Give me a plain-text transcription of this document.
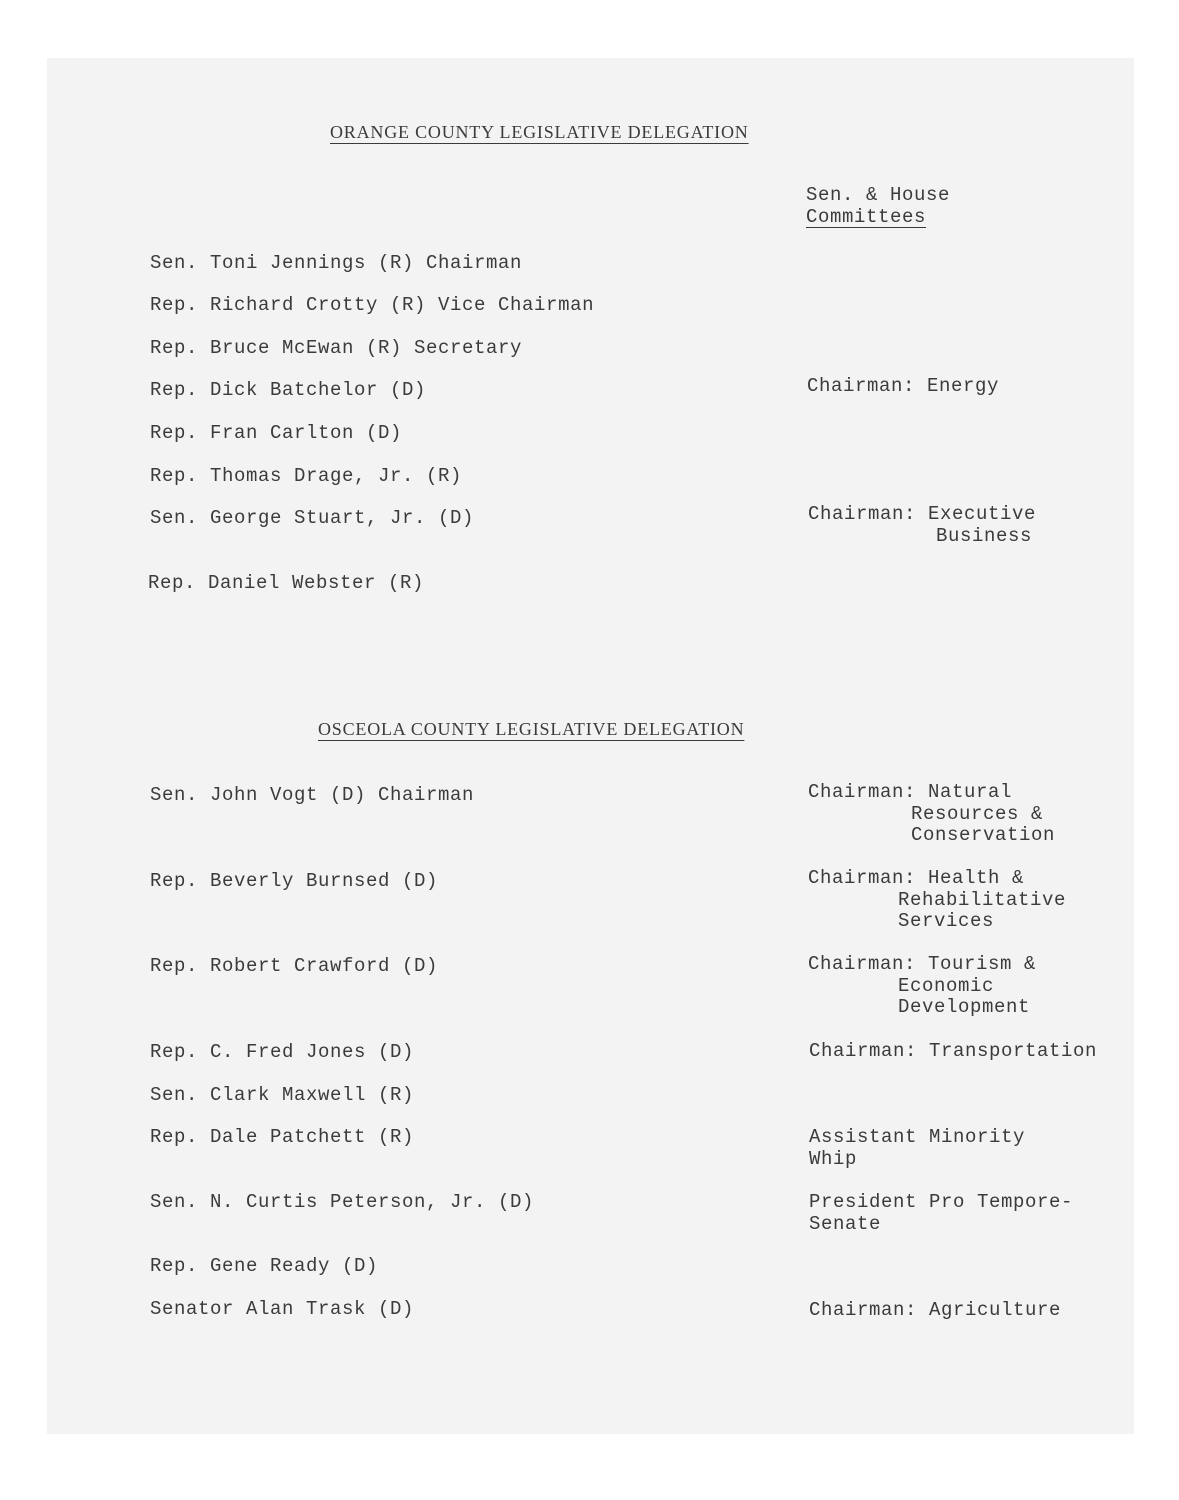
ORANGE COUNTY LEGISLATIVE DELEGATION
Sen. & House
Committees
Sen. Toni Jennings (R) Chairman
Rep. Richard Crotty (R) Vice Chairman
Rep. Bruce McEwan (R) Secretary
Rep. Dick Batchelor (D)	Chairman: Energy
Rep. Fran Carlton (D)
Rep. Thomas Drage, Jr. (R)
Sen. George Stuart, Jr. (D)	Chairman: Executive
Business
Rep. Daniel Webster (R)
OSCEOLA COUNTY LEGISLATIVE DELEGATION
Sen. John Vogt (D) Chairman	Chairman: Natural
Resources &
Conservation
Rep. Beverly Burnsed (D)	Chairman: Health &
Rehabilitative
Services
Rep. Robert Crawford (D)	Chairman: Tourism &
Economic
Development
Rep. C. Fred Jones (D)	Chairman: Transportation
Sen. Clark Maxwell (R)
Rep. Dale Patchett (R)	Assistant Minority
Whip
Sen. N. Curtis Peterson, Jr. (D)	President Pro Tempore-
Senate
Rep. Gene Ready (D)
Senator Alan Trask (D)	Chairman: Agriculture
